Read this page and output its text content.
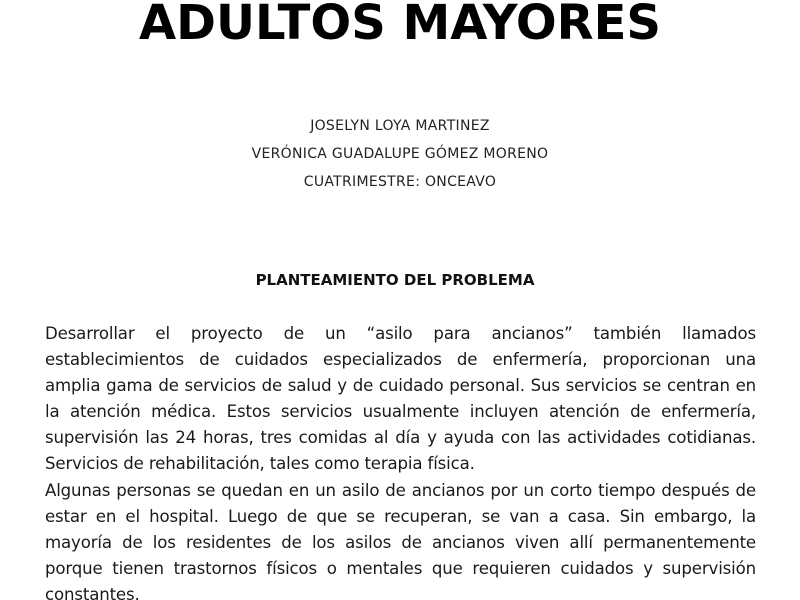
ADULTOS MAYORES
JOSELYN LOYA MARTINEZ
VERÓNICA GUADALUPE GÓMEZ MORENO
CUATRIMESTRE: ONCEAVO
PLANTEAMIENTO DEL PROBLEMA
Desarrollar el proyecto de un “asilo para ancianos” también llamados
establecimientos de cuidados especializados de enfermería, proporcionan una
amplia gama de servicios de salud y de cuidado personal. Sus servicios se centran en
la atención médica. Estos servicios usualmente incluyen atención de enfermería,
supervisión las 24 horas, tres comidas al día y ayuda con las actividades cotidianas.
Servicios de rehabilitación, tales como terapia física.
Algunas personas se quedan en un asilo de ancianos por un corto tiempo después de
estar en el hospital. Luego de que se recuperan, se van a casa. Sin embargo, la
mayoría de los residentes de los asilos de ancianos viven allí permanentemente
porque tienen trastornos físicos o mentales que requieren cuidados y supervisión
constantes.
